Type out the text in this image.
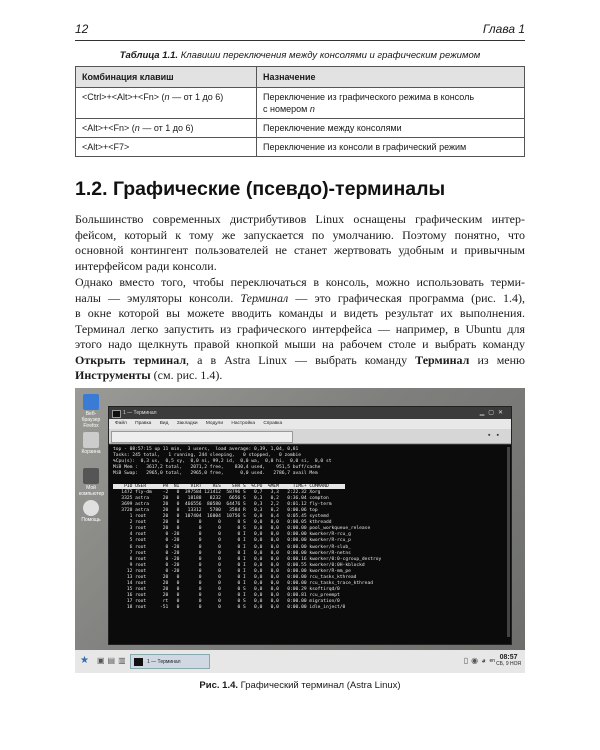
12	Глава 1
Таблица 1.1. Клавиши переключения между консолями и графическим режимом
Комбинация клавиш	Назначение
<Ctrl>+<Alt>+<Fn> (n — от 1 до 6)	Переключение из графического режима в консоль
с номером n
<Alt>+<Fn> (n — от 1 до 6)	Переключение между консолями
<Alt>+<F7>	Переключение из консоли в графический режим
1.2. Графические (псевдо)-терминалы
Большинство современных дистрибутивов Linux оснащены графическим интер-
фейсом, который к тому же запускается по умолчанию. Поэтому понятно, что
основной контингент пользователей не станет жертвовать удобным и привычным
интерфейсом ради консоли.
Однако вместо того, чтобы переключаться в консоль, можно использовать терми-
налы — эмуляторы консоли. Терминал — это графическая программа (рис. 1.4),
в окне которой вы можете вводить команды и видеть результат их выполнения.
Терминал легко запустить из графического интерфейса — например, в Ubuntu для
этого надо щелкнуть правой кнопкой мыши на рабочем столе и выбрать команду
Открыть терминал, а в Astra Linux — выбрать команду Терминал из меню
Инструменты (см. рис. 1.4).
Веб-браузер Firefox
Корзина
Мой компьютер
Помощь
1 — Терминал	▁▢✕
Файл Правка Вид Закладки Модули Настройка Справка
▪▪
top - 08:57:15 up 11 min,  3 users,  load average: 0,39, 1,04, 0,81
Tasks: 245 total,   1 running, 244 sleeping,   0 stopped,   0 zombie
%Cpu(s):  0,3 us,  0,5 sy,  0,0 ni, 99,2 id,  0,0 wa,  0,0 hi,  0,0 si,  0,0 st
MiB Mem :   3617,2 total,   2071,2 free,    830,4 used,    951,5 buff/cache
MiB Swap:   2965,0 total,   2965,0 free,      0,0 used.   2786,7 avail Mem

PID USER      PR  NI    VIRT    RES    SHR S  %CPU  %MEM     TIME+ COMMAND
1472 fly-dm    -2   0  397584 121412  58796 S   0,7   3,3   2:22.32 Xorg
3325 astra     20   0   18188   8232   6656 S   0,3   0,2   0:36.04 compton
3699 astra     20   0  466556  80580  64476 S   0,3   2,2   0:01.12 fly-term
3720 astra     20   0   13312   5780   3584 R   0,3   0,2   0:00.06 top
1 root      20   0  107404  16004  10756 S   0,0   0,4   0:05.45 systemd
2 root      20   0       0      0      0 S   0,0   0,0   0:00.05 kthreadd
3 root      20   0       0      0      0 S   0,0   0,0   0:00.00 pool_workqueue_release
4 root       0 -20       0      0      0 I   0,0   0,0   0:00.00 kworker/R-rcu_g
5 root       0 -20       0      0      0 I   0,0   0,0   0:00.00 kworker/R-rcu_p
6 root       0 -20       0      0      0 I   0,0   0,0   0:00.00 kworker/R-slub_
7 root       0 -20       0      0      0 I   0,0   0,0   0:00.00 kworker/R-netns
8 root       0 -20       0      0      0 I   0,0   0,0   0:00.16 kworker/0:0-cgroup_destroy
9 root       0 -20       0      0      0 I   0,0   0,0   0:00.55 kworker/0:0H-kblockd
12 root       0 -20       0      0      0 I   0,0   0,0   0:00.00 kworker/R-mm_pe
13 root      20   0       0      0      0 I   0,0   0,0   0:00.00 rcu_tasks_kthread
14 root      20   0       0      0      0 I   0,0   0,0   0:00.00 rcu_tasks_trace_kthread
15 root      20   0       0      0      0 S   0,0   0,0   0:00.29 ksoftirqd/0
16 root      20   0       0      0      0 I   0,0   0,0   0:00.81 rcu_preempt
17 root      rt   0       0      0      0 S   0,0   0,0   0:00.00 migration/0
18 root     -51   0       0      0      0 S   0,0   0,0   0:00.00 idle_inject/0
★ ▣▤▥	1 — Терминал	▯◉◕ en 08:57
СБ, 9 НОЯ
Рис. 1.4. Графический терминал (Astra Linux)
